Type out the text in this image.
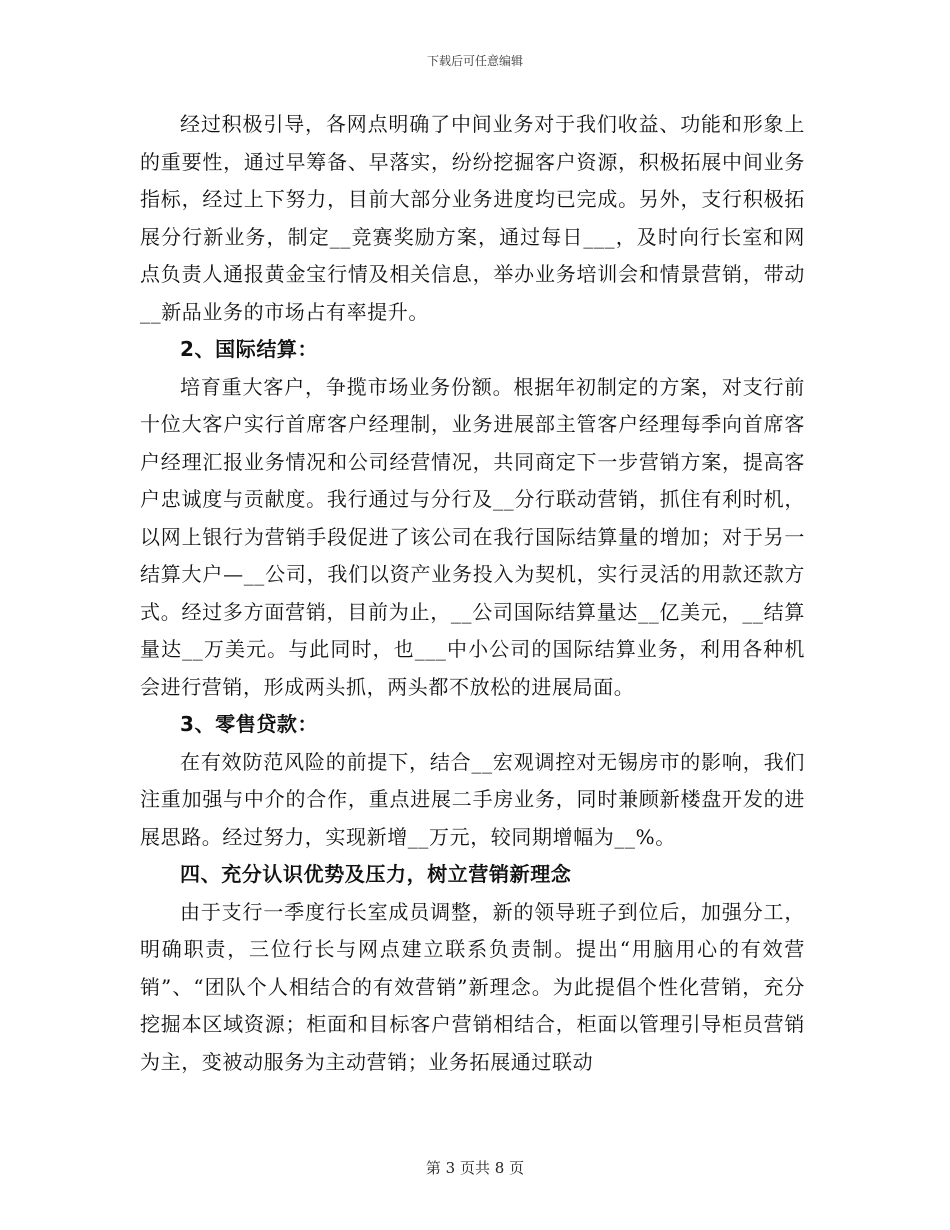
下载后可任意编辑

经过积极引导，各网点明确了中间业务对于我们收益、功能和形象上的重要性，通过早筹备、早落实，纷纷挖掘客户资源，积极拓展中间业务指标，经过上下努力，目前大部分业务进度均已完成。另外，支行积极拓展分行新业务，制定__竞赛奖励方案，通过每日___，及时向行长室和网点负责人通报黄金宝行情及相关信息，举办业务培训会和情景营销，带动__新品业务的市场占有率提升。

2、国际结算：

培育重大客户，争揽市场业务份额。根据年初制定的方案，对支行前十位大客户实行首席客户经理制，业务进展部主管客户经理每季向首席客户经理汇报业务情况和公司经营情况，共同商定下一步营销方案，提高客户忠诚度与贡献度。我行通过与分行及__分行联动营销，抓住有利时机，以网上银行为营销手段促进了该公司在我行国际结算量的增加；对于另一结算大户—__公司，我们以资产业务投入为契机，实行灵活的用款还款方式。经过多方面营销，目前为止，__公司国际结算量达__亿美元，__结算量达__万美元。与此同时，也___中小公司的国际结算业务，利用各种机会进行营销，形成两头抓，两头都不放松的进展局面。

3、零售贷款：

在有效防范风险的前提下，结合__宏观调控对无锡房市的影响，我们注重加强与中介的合作，重点进展二手房业务，同时兼顾新楼盘开发的进展思路。经过努力，实现新增__万元，较同期增幅为__%。

四、充分认识优势及压力，树立营销新理念

由于支行一季度行长室成员调整，新的领导班子到位后，加强分工，明确职责，三位行长与网点建立联系负责制。提出“用脑用心的有效营销”、“团队个人相结合的有效营销”新理念。为此提倡个性化营销，充分挖掘本区域资源；柜面和目标客户营销相结合，柜面以管理引导柜员营销为主，变被动服务为主动营销；业务拓展通过联动

第 3 页共 8 页
